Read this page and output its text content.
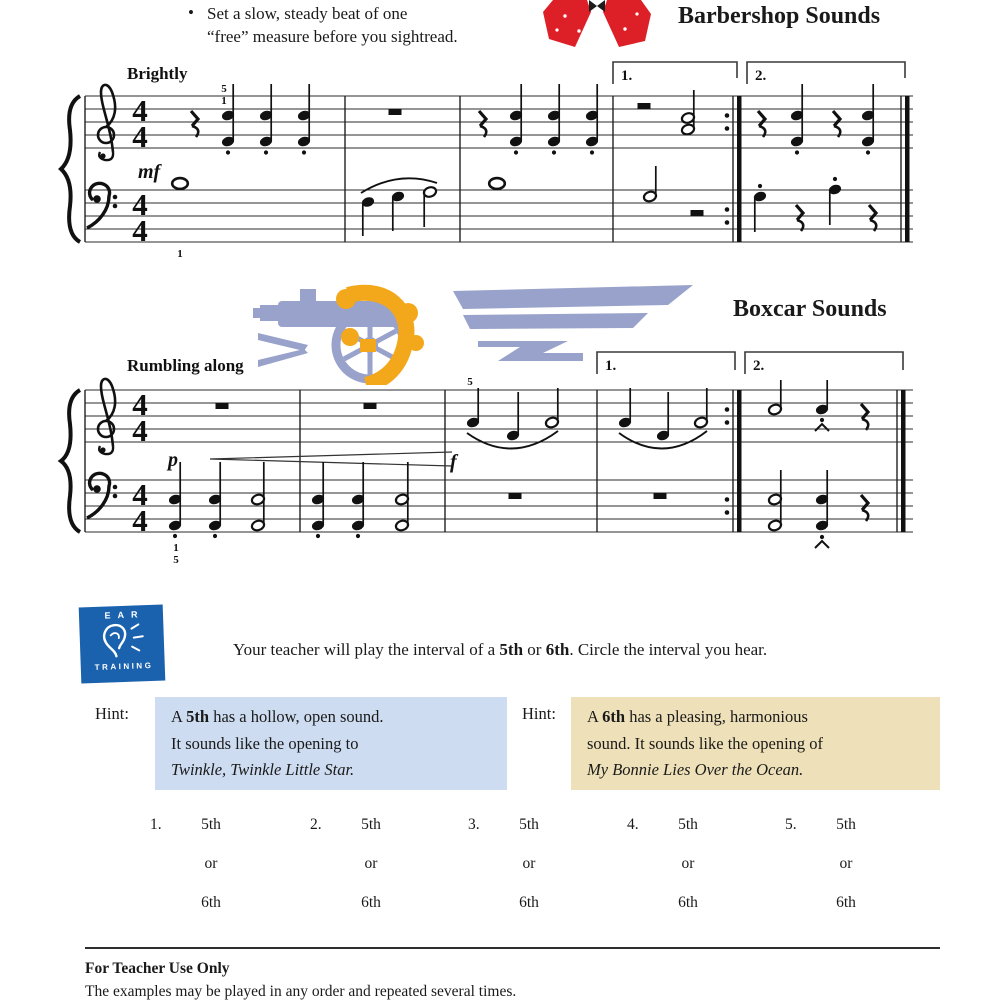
• Set a slow, steady beat of one
“free” measure before you sightread.
Barbershop Sounds
Brightly	1.	2.
4
4
4
4
5
1
mf
1
Boxcar Sounds
Rumbling along	1.	2.
4
4
4
4
1
5
p
5
f
EAR
TRAINING
Your teacher will play the interval of a 5th or 6th. Circle the interval you hear.
Hint:	A 5th has a hollow, open sound.
It sounds like the opening to
Twinkle, Twinkle Little Star.
Hint: A 6th has a pleasing, harmonious
sound. It sounds like the opening of
My Bonnie Lies Over the Ocean.
1.	5th
or
6th
2.	5th
or
6th
3.	5th
or
6th
4.	5th
or
6th
5.	5th
or
6th
For Teacher Use Only
The examples may be played in any order and repeated several times.
